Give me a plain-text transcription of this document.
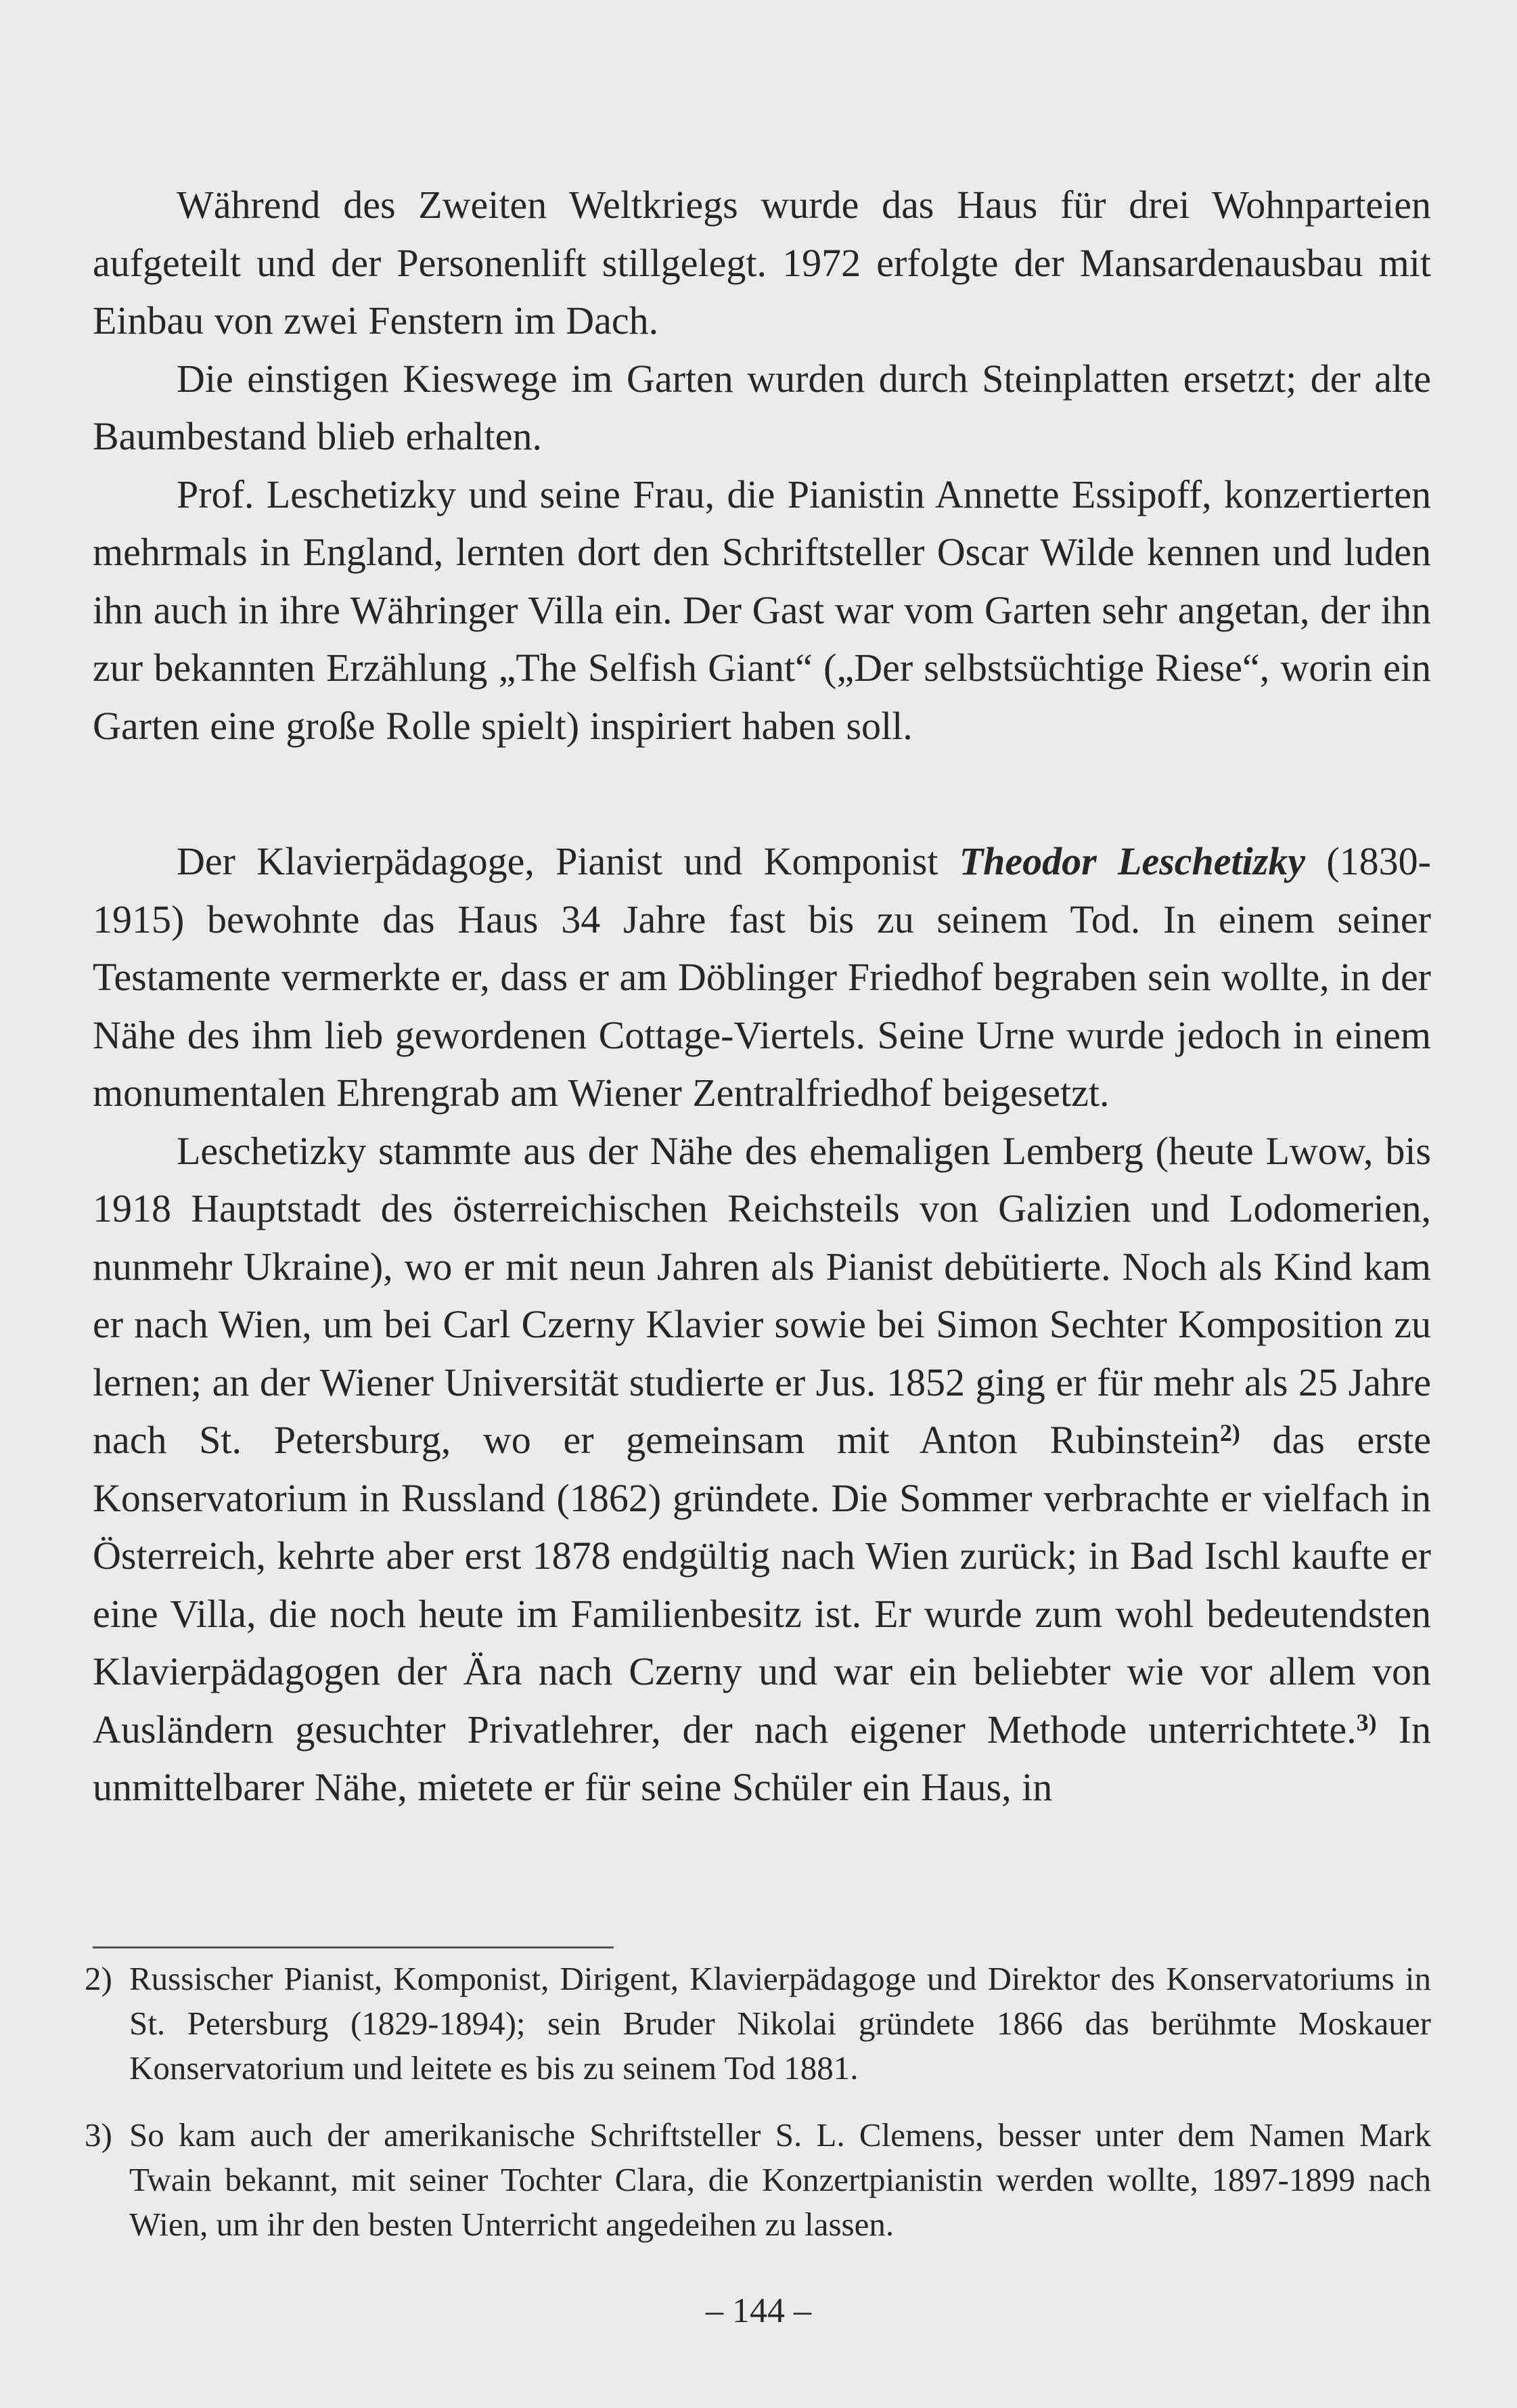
Während des Zweiten Weltkriegs wurde das Haus für drei Wohnparteien aufgeteilt und der Personenlift stillgelegt. 1972 erfolgte der Mansardenausbau mit Einbau von zwei Fenstern im Dach.

Die einstigen Kieswege im Garten wurden durch Steinplatten ersetzt; der alte Baumbestand blieb erhalten.

Prof. Leschetizky und seine Frau, die Pianistin Annette Essipoff, konzertierten mehrmals in England, lernten dort den Schriftsteller Oscar Wilde kennen und luden ihn auch in ihre Währinger Villa ein. Der Gast war vom Garten sehr angetan, der ihn zur bekannten Erzählung „The Selfish Giant“ („Der selbstsüchtige Riese“, worin ein Garten eine große Rolle spielt) inspiriert haben soll.

Der Klavierpädagoge, Pianist und Komponist Theodor Leschetizky (1830-1915) bewohnte das Haus 34 Jahre fast bis zu seinem Tod. In einem seiner Testamente vermerkte er, dass er am Döblinger Friedhof begraben sein wollte, in der Nähe des ihm lieb gewordenen Cottage-Viertels. Seine Urne wurde jedoch in einem monumentalen Ehrengrab am Wiener Zentralfriedhof beigesetzt.

Leschetizky stammte aus der Nähe des ehemaligen Lemberg (heute Lwow, bis 1918 Hauptstadt des österreichischen Reichsteils von Galizien und Lodomerien, nunmehr Ukraine), wo er mit neun Jahren als Pianist debütierte. Noch als Kind kam er nach Wien, um bei Carl Czerny Klavier sowie bei Simon Sechter Komposition zu lernen; an der Wiener Universität studierte er Jus. 1852 ging er für mehr als 25 Jahre nach St. Petersburg, wo er gemeinsam mit Anton Rubinstein$^{2)}$ das erste Konservatorium in Russland (1862) gründete. Die Sommer verbrachte er vielfach in Österreich, kehrte aber erst 1878 endgültig nach Wien zurück; in Bad Ischl kaufte er eine Villa, die noch heute im Familienbesitz ist. Er wurde zum wohl bedeutendsten Klavierpädagogen der Ära nach Czerny und war ein beliebter wie vor allem von Ausländern gesuchter Privatlehrer, der nach eigener Methode unterrichtete.$^{3)}$ In unmittelbarer Nähe, mietete er für seine Schüler ein Haus, in

2) Russischer Pianist, Komponist, Dirigent, Klavierpädagoge und Direktor des Konservatoriums in St. Petersburg (1829-1894); sein Bruder Nikolai gründete 1866 das berühmte Moskauer Konservatorium und leitete es bis zu seinem Tod 1881.
3) So kam auch der amerikanische Schriftsteller S. L. Clemens, besser unter dem Namen Mark Twain bekannt, mit seiner Tochter Clara, die Konzertpianistin werden wollte, 1897-1899 nach Wien, um ihr den besten Unterricht angedeihen zu lassen.
– 144 –
